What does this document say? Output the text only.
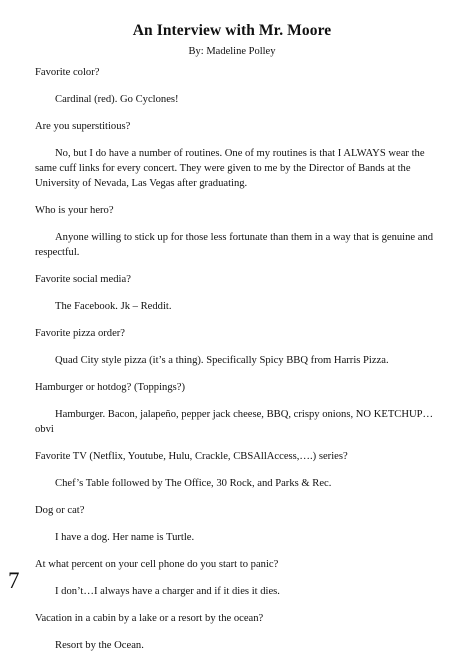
An Interview with Mr. Moore
By: Madeline Polley

Favorite color?

Cardinal (red). Go Cyclones!

Are you superstitious?

No, but I do have a number of routines. One of my routines is that I ALWAYS wear the same cuff links for every concert. They were given to me by the Director of Bands at the University of Nevada, Las Vegas after graduating.

Who is your hero?

Anyone willing to stick up for those less fortunate than them in a way that is genuine and respectful.

Favorite social media?

The Facebook. Jk – Reddit.

Favorite pizza order?

Quad City style pizza (it’s a thing). Specifically Spicy BBQ from Harris Pizza.

Hamburger or hotdog? (Toppings?)

Hamburger. Bacon, jalapeño, pepper jack cheese, BBQ, crispy onions, NO KETCHUP…obvi

Favorite TV (Netflix, Youtube, Hulu, Crackle, CBSAllAccess,….) series?

Chef’s Table followed by The Office, 30 Rock, and Parks & Rec.

Dog or cat?

I have a dog. Her name is Turtle.

At what percent on your cell phone do you start to panic?

I don’t…I always have a charger and if it dies it dies.

Vacation in a cabin by a lake or a resort by the ocean?

Resort by the Ocean.

7
